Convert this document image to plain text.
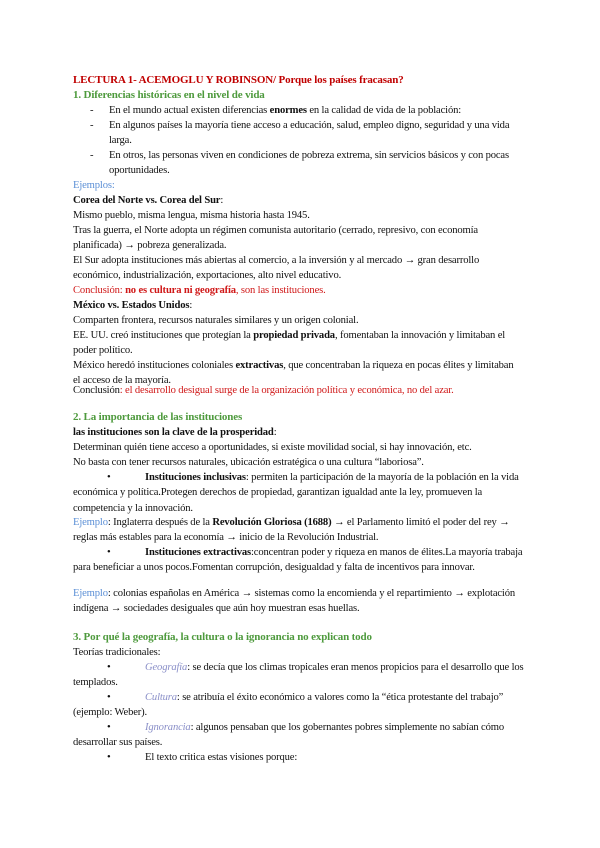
LECTURA 1- ACEMOGLU Y ROBINSON/ Porque los países fracasan?
1. Diferencias históricas en el nivel de vida
-	En el mundo actual existen diferencias enormes en la calidad de vida de la población:
-	En algunos países la mayoría tiene acceso a educación, salud, empleo digno, seguridad y una vida larga.
-	En otros, las personas viven en condiciones de pobreza extrema, sin servicios básicos y con pocas oportunidades.
Ejemplos:
Corea del Norte vs. Corea del Sur:
Mismo pueblo, misma lengua, misma historia hasta 1945.
Tras la guerra, el Norte adopta un régimen comunista autoritario (cerrado, represivo, con economía planificada) → pobreza generalizada.
El Sur adopta instituciones más abiertas al comercio, a la inversión y al mercado → gran desarrollo económico, industrialización, exportaciones, alto nivel educativo.
Conclusión: no es cultura ni geografía, son las instituciones.
México vs. Estados Unidos:
Comparten frontera, recursos naturales similares y un origen colonial.
EE. UU. creó instituciones que protegían la propiedad privada, fomentaban la innovación y limitaban el poder político.
México heredó instituciones coloniales extractivas, que concentraban la riqueza en pocas élites y limitaban el acceso de la mayoría.
Conclusión: el desarrollo desigual surge de la organización política y económica, no del azar.
2. La importancia de las instituciones
las instituciones son la clave de la prosperidad:
Determinan quién tiene acceso a oportunidades, si existe movilidad social, si hay innovación, etc.
No basta con tener recursos naturales, ubicación estratégica o una cultura “laboriosa”.
•	Instituciones inclusivas: permiten la participación de la mayoría de la población en la vida económica y política.Protegen derechos de propiedad, garantizan igualdad ante la ley, promueven la competencia y la innovación.
Ejemplo: Inglaterra después de la Revolución Gloriosa (1688) → el Parlamento limitó el poder del rey → reglas más estables para la economía → inicio de la Revolución Industrial.
•	Instituciones extractivas:concentran poder y riqueza en manos de élites.La mayoría trabaja para beneficiar a unos pocos.Fomentan corrupción, desigualdad y falta de incentivos para innovar.
Ejemplo: colonias españolas en América → sistemas como la encomienda y el repartimiento → explotación indígena → sociedades desiguales que aún hoy muestran esas huellas.
3. Por qué la geografía, la cultura o la ignorancia no explican todo
Teorías tradicionales:
•	Geografía: se decía que los climas tropicales eran menos propicios para el desarrollo que los templados.
•	Cultura: se atribuía el éxito económico a valores como la “ética protestante del trabajo” (ejemplo: Weber).
•	Ignorancia: algunos pensaban que los gobernantes pobres simplemente no sabían cómo desarrollar sus países.
•	El texto critica estas visiones porque:
